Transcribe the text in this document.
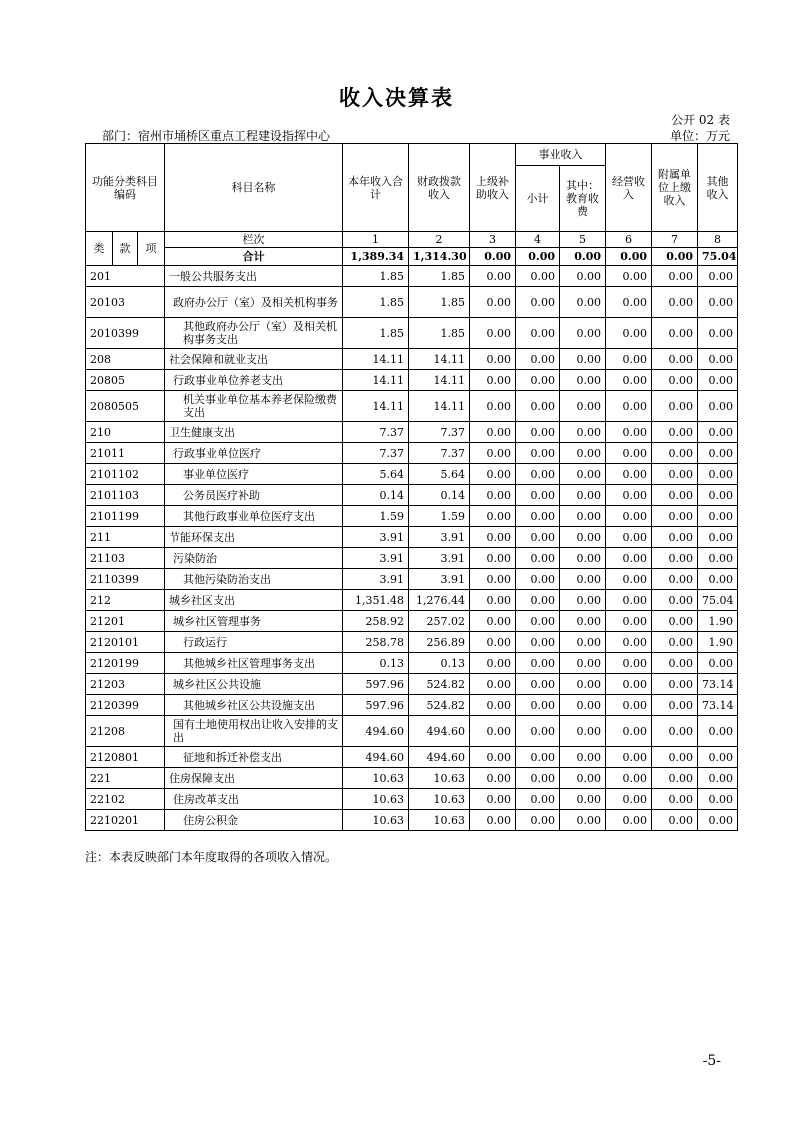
收入决算表
公开 02 表
部门：宿州市埇桥区重点工程建设指挥中心	单位：万元
功能分类科目编码			科目名称	本年收入合计	财政拨款收入	上级补助收入	事业收入		经营收入	附属单位上缴收入	其他收入
							小计	其中：教育收费			

类	款	项	栏次	1	2	3	4	5	6	7	8
			合计	1,389.34	1,314.30	0.00	0.00	0.00	0.00	0.00	75.04
201			一般公共服务支出	1.85	1.85	0.00	0.00	0.00	0.00	0.00	0.00
20103			政府办公厅（室）及相关机构事务	1.85	1.85	0.00	0.00	0.00	0.00	0.00	0.00
2010399			其他政府办公厅（室）及相关机构事务支出	1.85	1.85	0.00	0.00	0.00	0.00	0.00	0.00
208			社会保障和就业支出	14.11	14.11	0.00	0.00	0.00	0.00	0.00	0.00
20805			行政事业单位养老支出	14.11	14.11	0.00	0.00	0.00	0.00	0.00	0.00
2080505			机关事业单位基本养老保险缴费支出	14.11	14.11	0.00	0.00	0.00	0.00	0.00	0.00
210			卫生健康支出	7.37	7.37	0.00	0.00	0.00	0.00	0.00	0.00
21011			行政事业单位医疗	7.37	7.37	0.00	0.00	0.00	0.00	0.00	0.00
2101102			事业单位医疗	5.64	5.64	0.00	0.00	0.00	0.00	0.00	0.00
2101103			公务员医疗补助	0.14	0.14	0.00	0.00	0.00	0.00	0.00	0.00
2101199			其他行政事业单位医疗支出	1.59	1.59	0.00	0.00	0.00	0.00	0.00	0.00
211			节能环保支出	3.91	3.91	0.00	0.00	0.00	0.00	0.00	0.00
21103			污染防治	3.91	3.91	0.00	0.00	0.00	0.00	0.00	0.00
2110399			其他污染防治支出	3.91	3.91	0.00	0.00	0.00	0.00	0.00	0.00
212			城乡社区支出	1,351.48	1,276.44	0.00	0.00	0.00	0.00	0.00	75.04
21201			城乡社区管理事务	258.92	257.02	0.00	0.00	0.00	0.00	0.00	1.90
2120101			行政运行	258.78	256.89	0.00	0.00	0.00	0.00	0.00	1.90
2120199			其他城乡社区管理事务支出	0.13	0.13	0.00	0.00	0.00	0.00	0.00	0.00
21203			城乡社区公共设施	597.96	524.82	0.00	0.00	0.00	0.00	0.00	73.14
2120399			其他城乡社区公共设施支出	597.96	524.82	0.00	0.00	0.00	0.00	0.00	73.14
21208			国有土地使用权出让收入安排的支出	494.60	494.60	0.00	0.00	0.00	0.00	0.00	0.00
2120801			征地和拆迁补偿支出	494.60	494.60	0.00	0.00	0.00	0.00	0.00	0.00
221			住房保障支出	10.63	10.63	0.00	0.00	0.00	0.00	0.00	0.00
22102			住房改革支出	10.63	10.63	0.00	0.00	0.00	0.00	0.00	0.00
2210201			住房公积金	10.63	10.63	0.00	0.00	0.00	0.00	0.00	0.00
注：本表反映部门本年度取得的各项收入情况。
-5-
